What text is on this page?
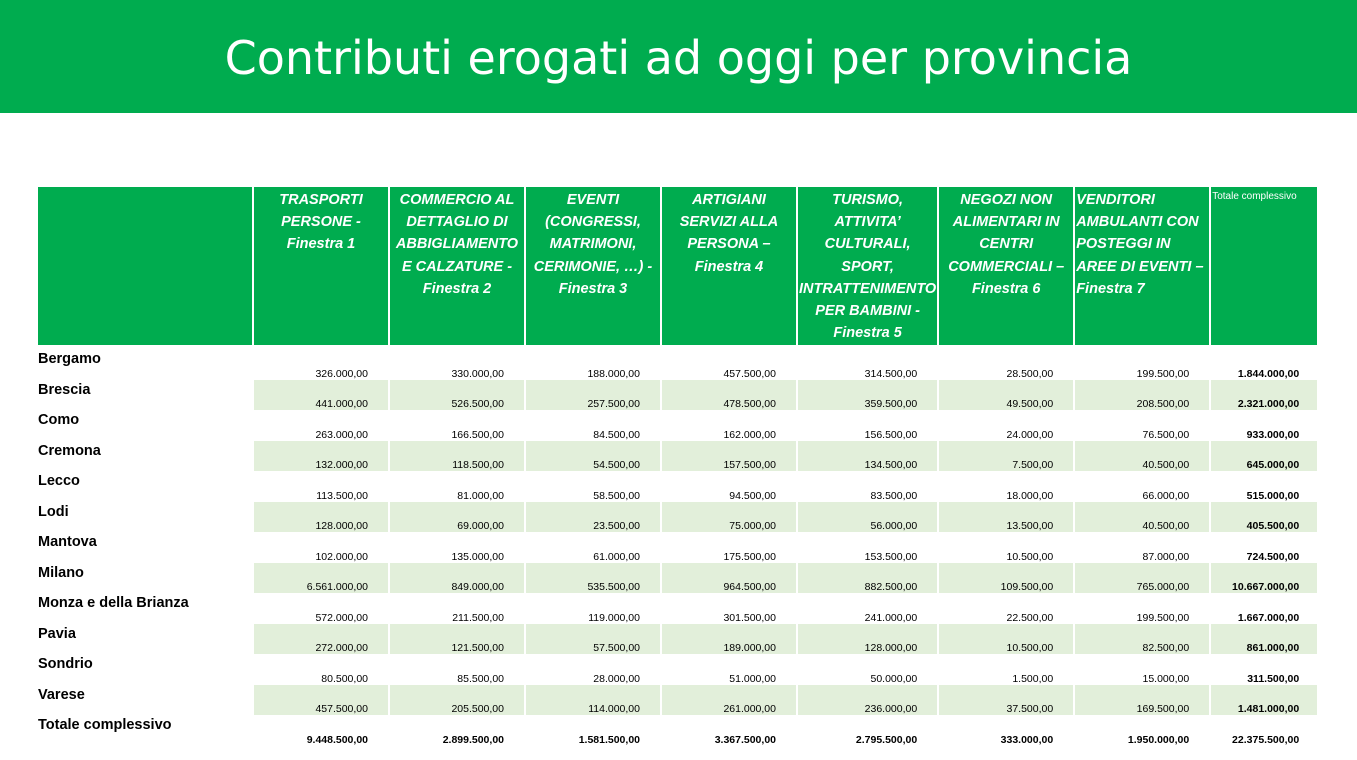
Contributi erogati ad oggi per provincia
	TRASPORTI PERSONE - Finestra 1	COMMERCIO AL DETTAGLIO DI ABBIGLIAMENTO E CALZATURE - Finestra 2	EVENTI (CONGRESSI, MATRIMONI, CERIMONIE, …) - Finestra 3	ARTIGIANI SERVIZI ALLA PERSONA – Finestra 4	TURISMO, ATTIVITA’ CULTURALI, SPORT, INTRATTENIMENTO PER BAMBINI - Finestra 5	NEGOZI NON ALIMENTARI IN CENTRI COMMERCIALI – Finestra 6	VENDITORI AMBULANTI CON POSTEGGI IN AREE DI EVENTI – Finestra 7	Totale complessivo
Bergamo	326.000,00	330.000,00	188.000,00	457.500,00	314.500,00	28.500,00	199.500,00	1.844.000,00
Brescia	441.000,00	526.500,00	257.500,00	478.500,00	359.500,00	49.500,00	208.500,00	2.321.000,00
Como	263.000,00	166.500,00	84.500,00	162.000,00	156.500,00	24.000,00	76.500,00	933.000,00
Cremona	132.000,00	118.500,00	54.500,00	157.500,00	134.500,00	7.500,00	40.500,00	645.000,00
Lecco	113.500,00	81.000,00	58.500,00	94.500,00	83.500,00	18.000,00	66.000,00	515.000,00
Lodi	128.000,00	69.000,00	23.500,00	75.000,00	56.000,00	13.500,00	40.500,00	405.500,00
Mantova	102.000,00	135.000,00	61.000,00	175.500,00	153.500,00	10.500,00	87.000,00	724.500,00
Milano	6.561.000,00	849.000,00	535.500,00	964.500,00	882.500,00	109.500,00	765.000,00	10.667.000,00
Monza e della Brianza	572.000,00	211.500,00	119.000,00	301.500,00	241.000,00	22.500,00	199.500,00	1.667.000,00
Pavia	272.000,00	121.500,00	57.500,00	189.000,00	128.000,00	10.500,00	82.500,00	861.000,00
Sondrio	80.500,00	85.500,00	28.000,00	51.000,00	50.000,00	1.500,00	15.000,00	311.500,00
Varese	457.500,00	205.500,00	114.000,00	261.000,00	236.000,00	37.500,00	169.500,00	1.481.000,00
Totale complessivo	9.448.500,00	2.899.500,00	1.581.500,00	3.367.500,00	2.795.500,00	333.000,00	1.950.000,00	22.375.500,00
